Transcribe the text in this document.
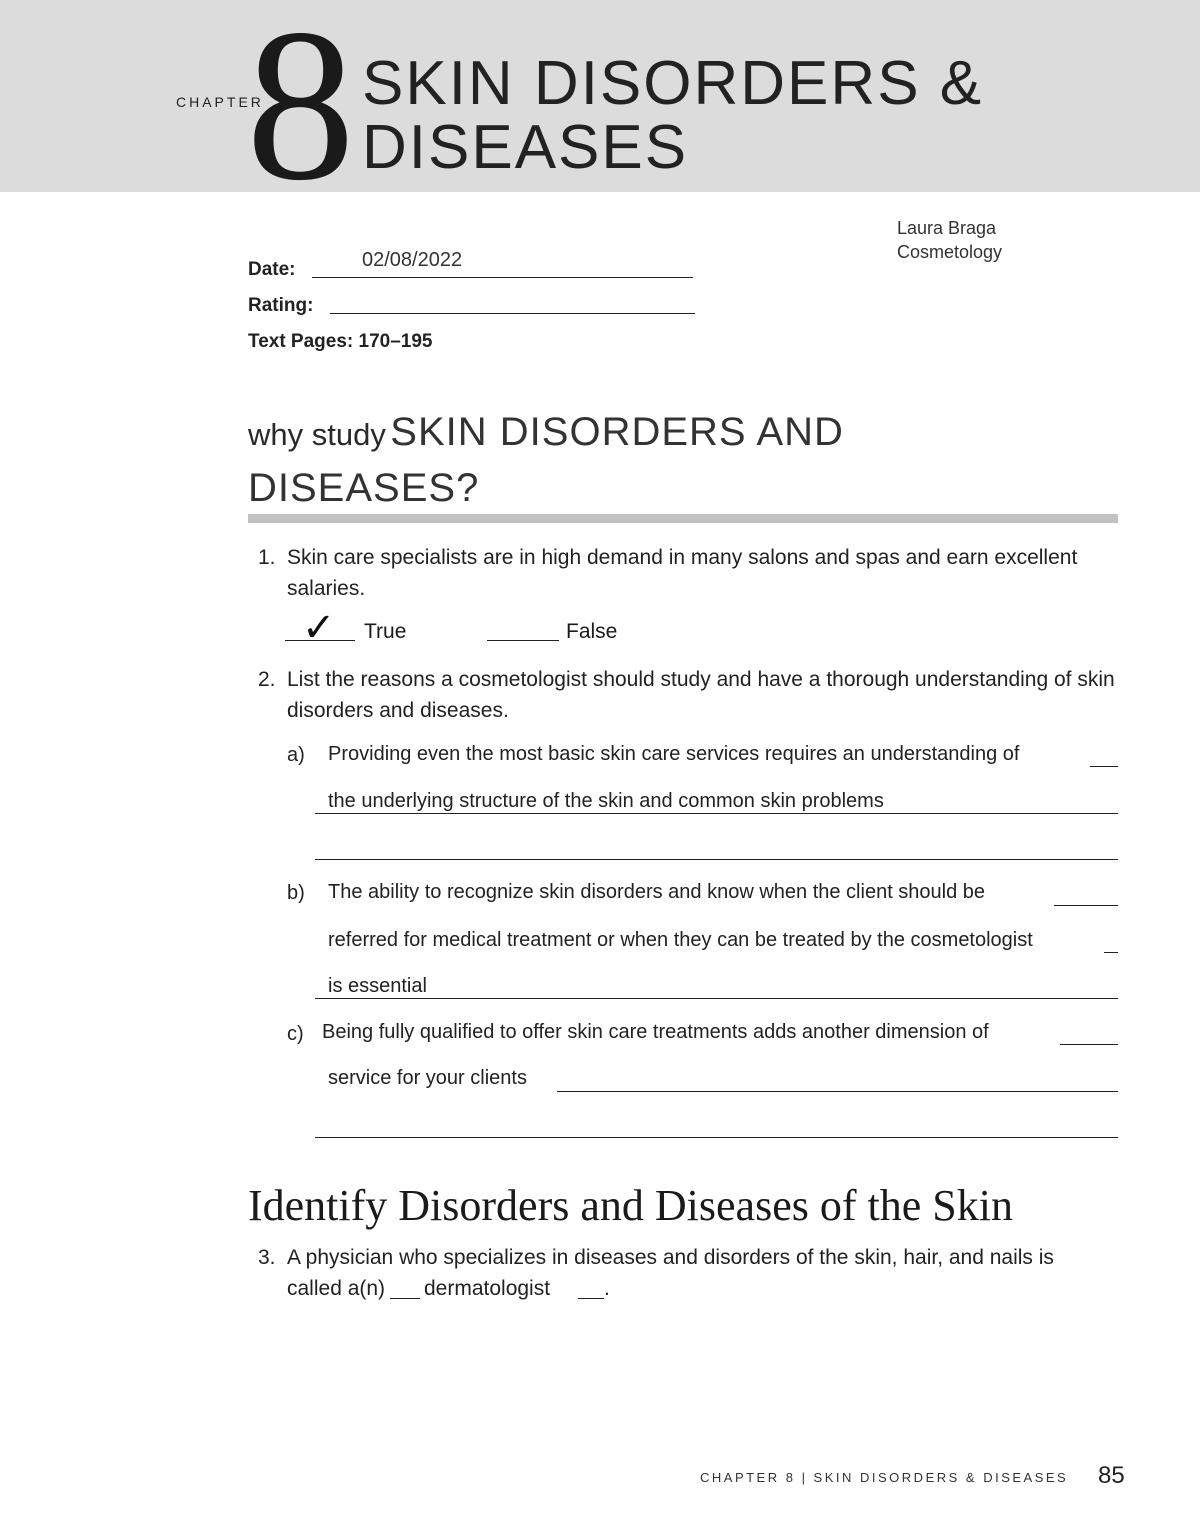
CHAPTER
8 SKIN DISORDERS &
DISEASES
Laura Braga
Cosmetology
Date:	02/08/2022
Rating:
Text Pages: 170–195
why study SKIN DISORDERS AND
DISEASES?
1. Skin care specialists are in high demand in many salons and spas and earn excellent salaries.
✓ True	False
2. List the reasons a cosmetologist should study and have a thorough understanding of skin disorders and diseases.
a) Providing even the most basic skin care services requires an understanding of
the underlying structure of the skin and common skin problems
b) The ability to recognize skin disorders and know when the client should be
referred for medical treatment or when they can be treated by the cosmetologist
is essential
c) Being fully qualified to offer skin care treatments adds another dimension of
service for your clients
Identify Disorders and Diseases of the Skin
3. A physician who specializes in diseases and disorders of the skin, hair, and nails is
called a(n) dermatologist	.
CHAPTER 8 | SKIN DISORDERS & DISEASES 85
